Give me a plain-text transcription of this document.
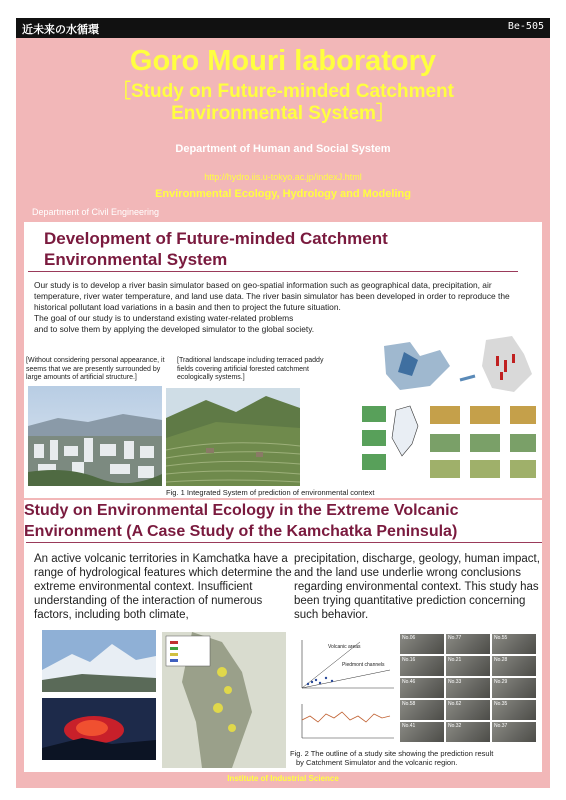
近未来の水循環	Be-505
Goro Mouri laboratory
［Study on Future-minded Catchment
Environmental System］
Department of Human and Social System
http://hydro.iis.u-tokyo.ac.jp/indexJ.html
Environmental Ecology, Hydrology and Modeling
Department of Civil Engineering
Development of Future-minded Catchment
Environmental System

Our study is to develop a river basin simulator based on geo-spatial information such as geographical data, precipitation, air temperature, river water temperature, and land use data. The river basin simulator has been developed in order to reproduce the historical pollutant load variations in a basin and then to project the future situation.

The goal of our study is to understand existing water-related problems

and to solve them by applying the developed simulator to the global society.

[Without considering personal appearance, it seems that we are presently surrounded by large amounts of artificial structure.]
[Traditional landscape including terraced paddy fields covering artificial forested catchment ecologically systems.]
Fig. 1 Integrated System of prediction of environmental context
Study on Environmental Ecology in the Extreme Volcanic
Environment (A Case Study of the Kamchatka Peninsula)
An active volcanic territories in Kamchatka have a range of hydrological features which determine the extreme environmental context. Insufficient understanding of the interaction of numerous factors, including both climate,
precipitation, discharge, geology, human impact, and the land use underlie wrong conclusions regarding environmental context. This study has been trying quantitative prediction concerning such behavior.
Volcanic areas
Piedmont channels
No.06	No.77	No.55
No.16	No.21	No.28
No.46	No.33	No.29
No.58	No.62	No.35
No.41	No.32	No.37
Fig. 2 The outline of a study site showing the prediction result
by Catchment Simulator and the volcanic region.
Institute of Industrial Science
